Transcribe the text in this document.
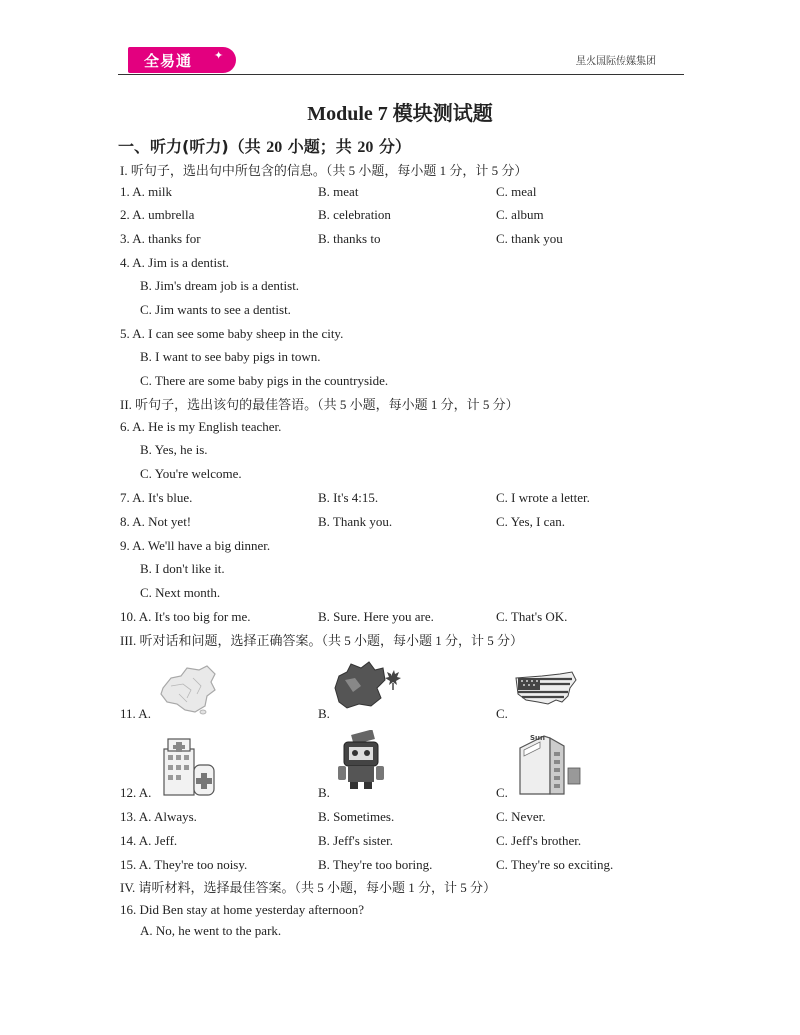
全易通 ✦	星火国际传媒集团
Module 7 模块测试题
一、听力(听力)（共 20 小题；共 20 分）
I. 听句子，选出句中所包含的信息。（共 5 小题，每小题 1 分，计 5 分）
1. A. milk	B. meat	C. meal
2. A. umbrella	B. celebration	C. album
3. A. thanks for	B. thanks to	C. thank you
4. A. Jim is a dentist.
B. Jim's dream job is a dentist.
C. Jim wants to see a dentist.
5. A. I can see some baby sheep in the city.
B. I want to see baby pigs in town.
C. There are some baby pigs in the countryside.
II. 听句子，选出该句的最佳答语。（共 5 小题，每小题 1 分，计 5 分）
6. A. He is my English teacher.
B. Yes, he is.
C. You're welcome.
7. A. It's blue.	B. It's 4:15.	C. I wrote a letter.
8. A. Not yet!	B. Thank you.	C. Yes, I can.
9. A. We'll have a big dinner.
B. I don't like it.
C. Next month.
10. A. It's too big for me.	B. Sure. Here you are.	C. That's OK.
III. 听对话和问题，选择正确答案。（共 5 小题，每小题 1 分，计 5 分）
11. A.	B.	C.
12. A.	B.	C.
Sun
13. A. Always.	B. Sometimes.	C. Never.
14. A. Jeff.	B. Jeff's sister.	C. Jeff's brother.
15. A. They're too noisy.	B. They're too boring.	C. They're so exciting.
IV. 请听材料，选择最佳答案。（共 5 小题，每小题 1 分，计 5 分）
16. Did Ben stay at home yesterday afternoon?
A. No, he went to the park.
